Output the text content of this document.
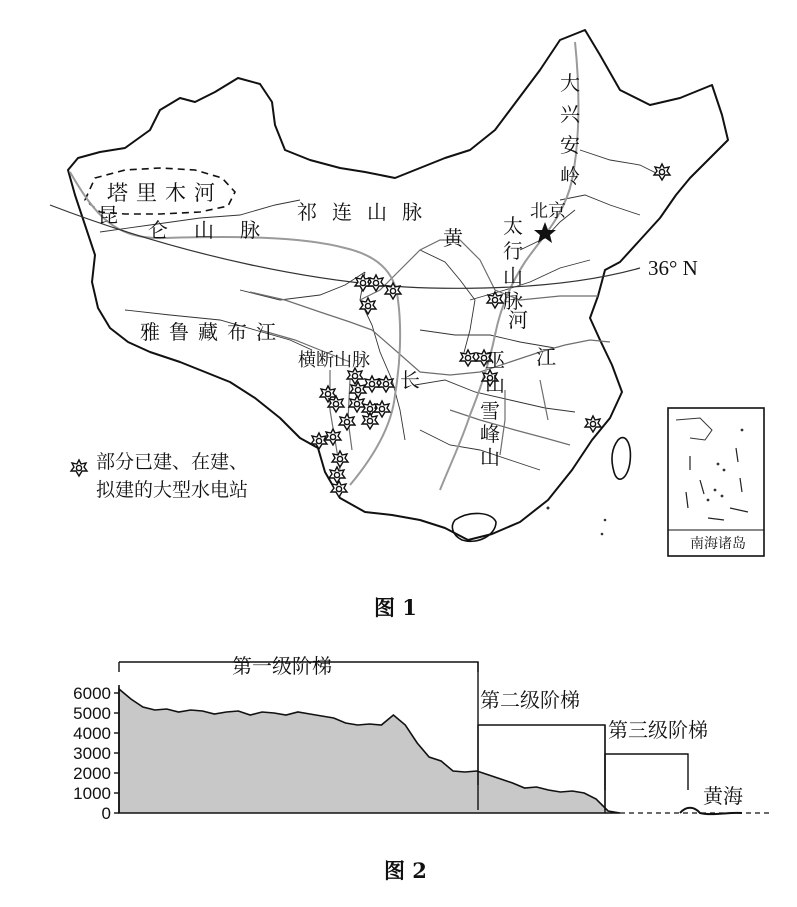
塔里木河
昆
仑山脉
祁连山脉
黄 太行山脉
河
大兴安岭
北京
36° N
雅鲁藏布江
横断山脉
长
江
巫山
雪峰山
南海诸岛
部分已建、在建、
拟建的大型水电站
图 1
0
1000
2000
3000
4000
5000
6000
第一级阶梯
第二级阶梯
第三级阶梯
黄海
图 2
